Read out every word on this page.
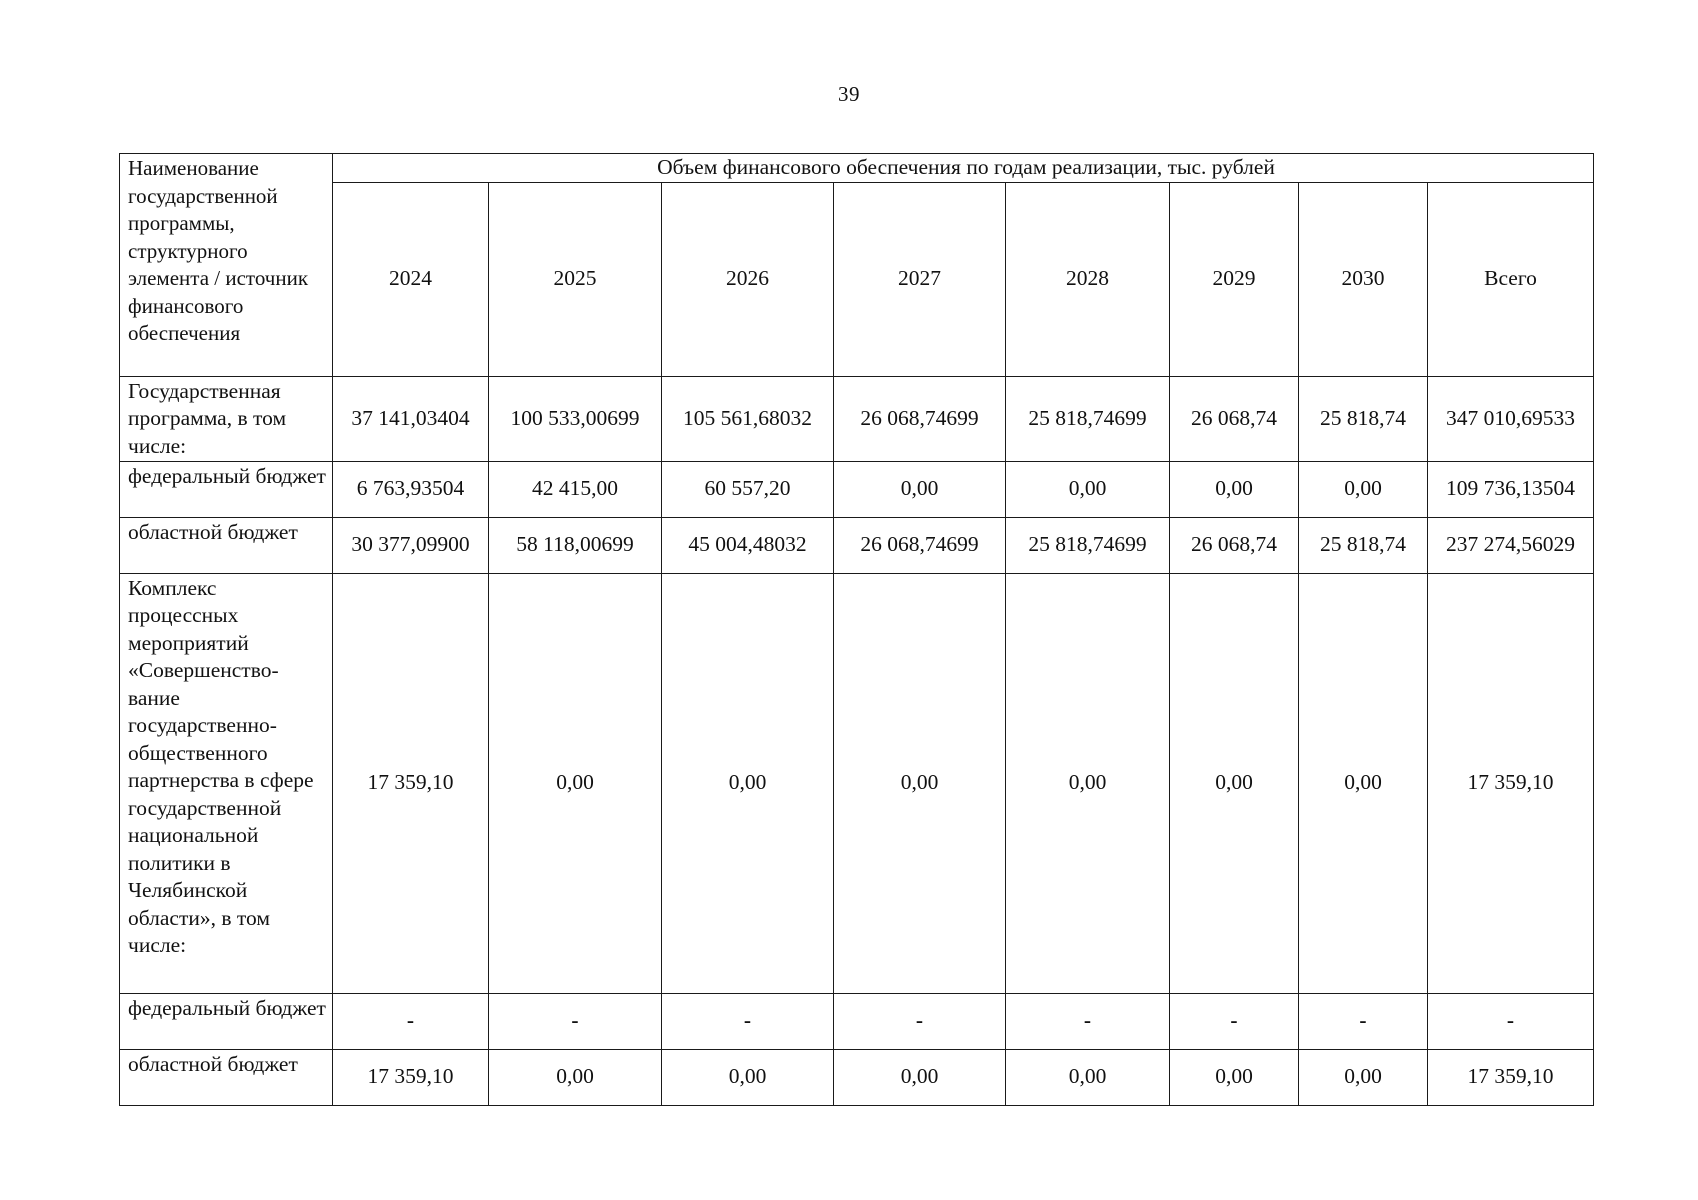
39
Наименование государственной программы, структурного элемента / источник финансового обеспечения	Объем финансового обеспечения по годам реализации, тыс. рублей							
	2024	2025	2026	2027	2028	2029	2030	Всего
Государственная программа, в том числе:	37 141,03404	100 533,00699	105 561,68032	26 068,74699	25 818,74699	26 068,74	25 818,74	347 010,69533
федеральный бюджет	6 763,93504	42 415,00	60 557,20	0,00	0,00	0,00	0,00	109 736,13504
областной бюджет	30 377,09900	58 118,00699	45 004,48032	26 068,74699	25 818,74699	26 068,74	25 818,74	237 274,56029
Комплекс процессных мероприятий «Совершенство-вание государственно-общественного партнерства в сфере государственной национальной политики в Челябинской области», в том числе:	17 359,10	0,00	0,00	0,00	0,00	0,00	0,00	17 359,10
федеральный бюджет	-	-	-	-	-	-	-	-
областной бюджет	17 359,10	0,00	0,00	0,00	0,00	0,00	0,00	17 359,10
